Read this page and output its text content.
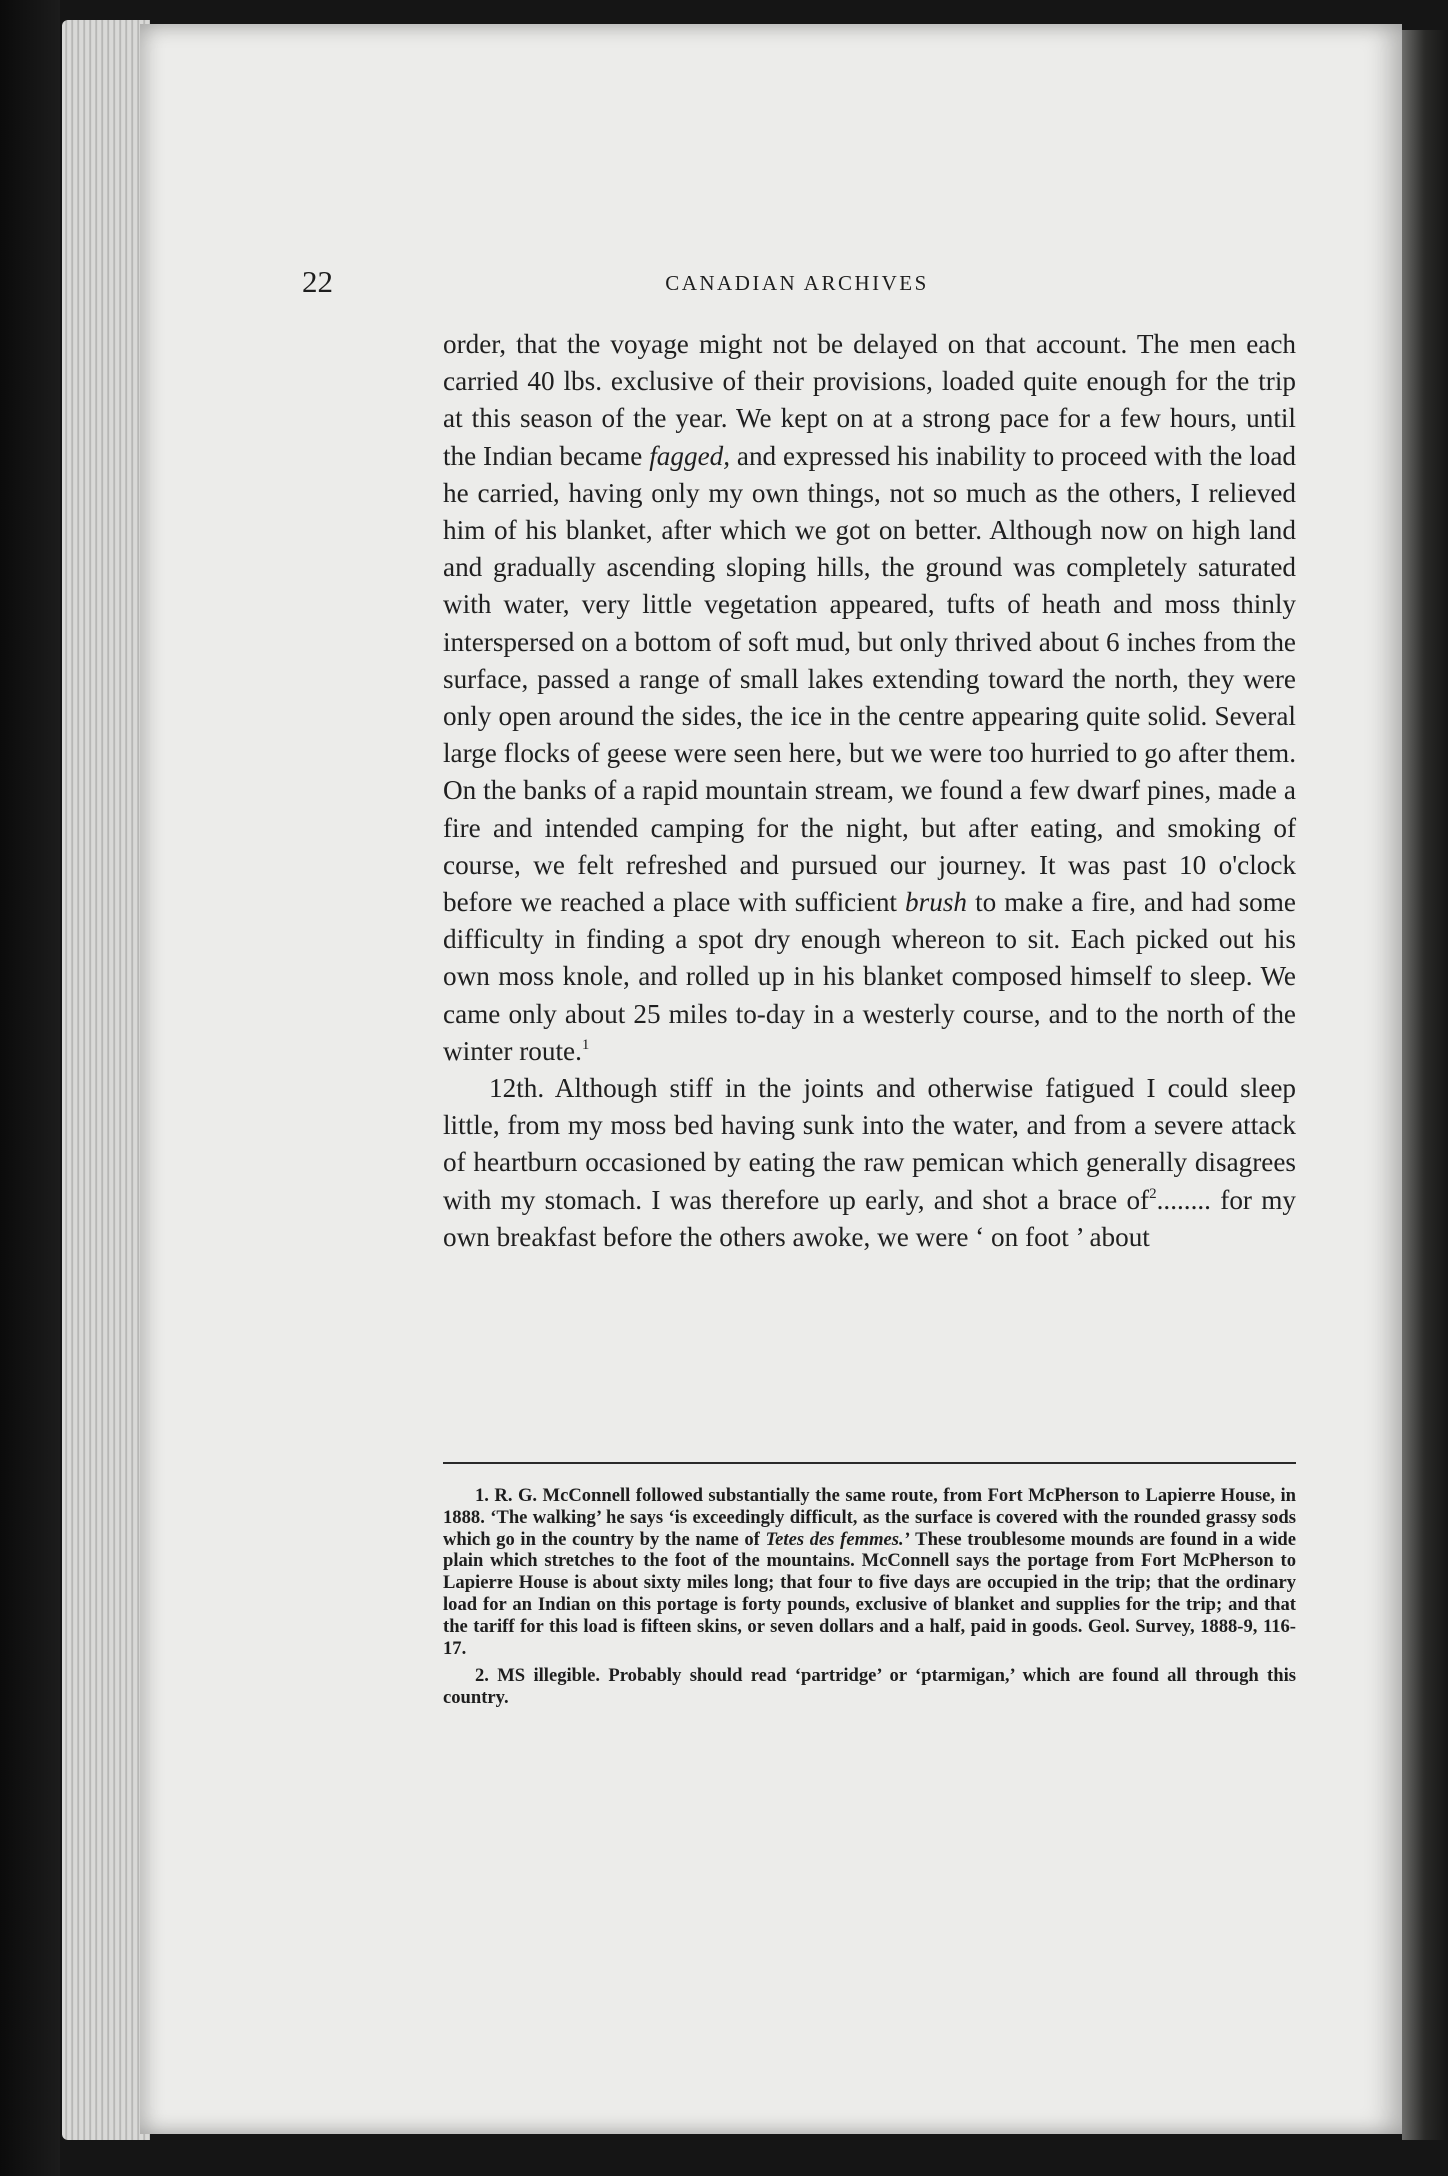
22	CANADIAN ARCHIVES

order, that the voyage might not be delayed on that account. The men each carried 40 lbs. exclusive of their provisions, loaded quite enough for the trip at this season of the year. We kept on at a strong pace for a few hours, until the Indian became fagged, and expressed his inability to proceed with the load he carried, having only my own things, not so much as the others, I relieved him of his blanket, after which we got on better. Although now on high land and gradually ascending sloping hills, the ground was completely saturated with water, very little vegetation appeared, tufts of heath and moss thinly interspersed on a bottom of soft mud, but only thrived about 6 inches from the surface, passed a range of small lakes extending toward the north, they were only open around the sides, the ice in the centre appearing quite solid. Several large flocks of geese were seen here, but we were too hurried to go after them. On the banks of a rapid mountain stream, we found a few dwarf pines, made a fire and intended camping for the night, but after eating, and smoking of course, we felt refreshed and pursued our journey. It was past 10 o'clock before we reached a place with sufficient brush to make a fire, and had some difficulty in finding a spot dry enough whereon to sit. Each picked out his own moss knole, and rolled up in his blanket composed himself to sleep. We came only about 25 miles to-day in a westerly course, and to the north of the winter route.$^1$

12th. Although stiff in the joints and otherwise fatigued I could sleep little, from my moss bed having sunk into the water, and from a severe attack of heartburn occasioned by eating the raw pemican which generally disagrees with my stomach. I was therefore up early, and shot a brace of$^2$........ for my own breakfast before the others awoke, we were ‘ on foot ’ about

1. R. G. McConnell followed substantially the same route, from Fort McPherson to Lapierre House, in 1888. ‘The walking’ he says ‘is exceedingly difficult, as the surface is covered with the rounded grassy sods which go in the country by the name of Tetes des femmes.’ These troublesome mounds are found in a wide plain which stretches to the foot of the mountains. McConnell says the portage from Fort McPherson to Lapierre House is about sixty miles long; that four to five days are occupied in the trip; that the ordinary load for an Indian on this portage is forty pounds, exclusive of blanket and supplies for the trip; and that the tariff for this load is fifteen skins, or seven dollars and a half, paid in goods. Geol. Survey, 1888-9, 116-17.

2. MS illegible. Probably should read ‘partridge’ or ‘ptarmigan,’ which are found all through this country.
